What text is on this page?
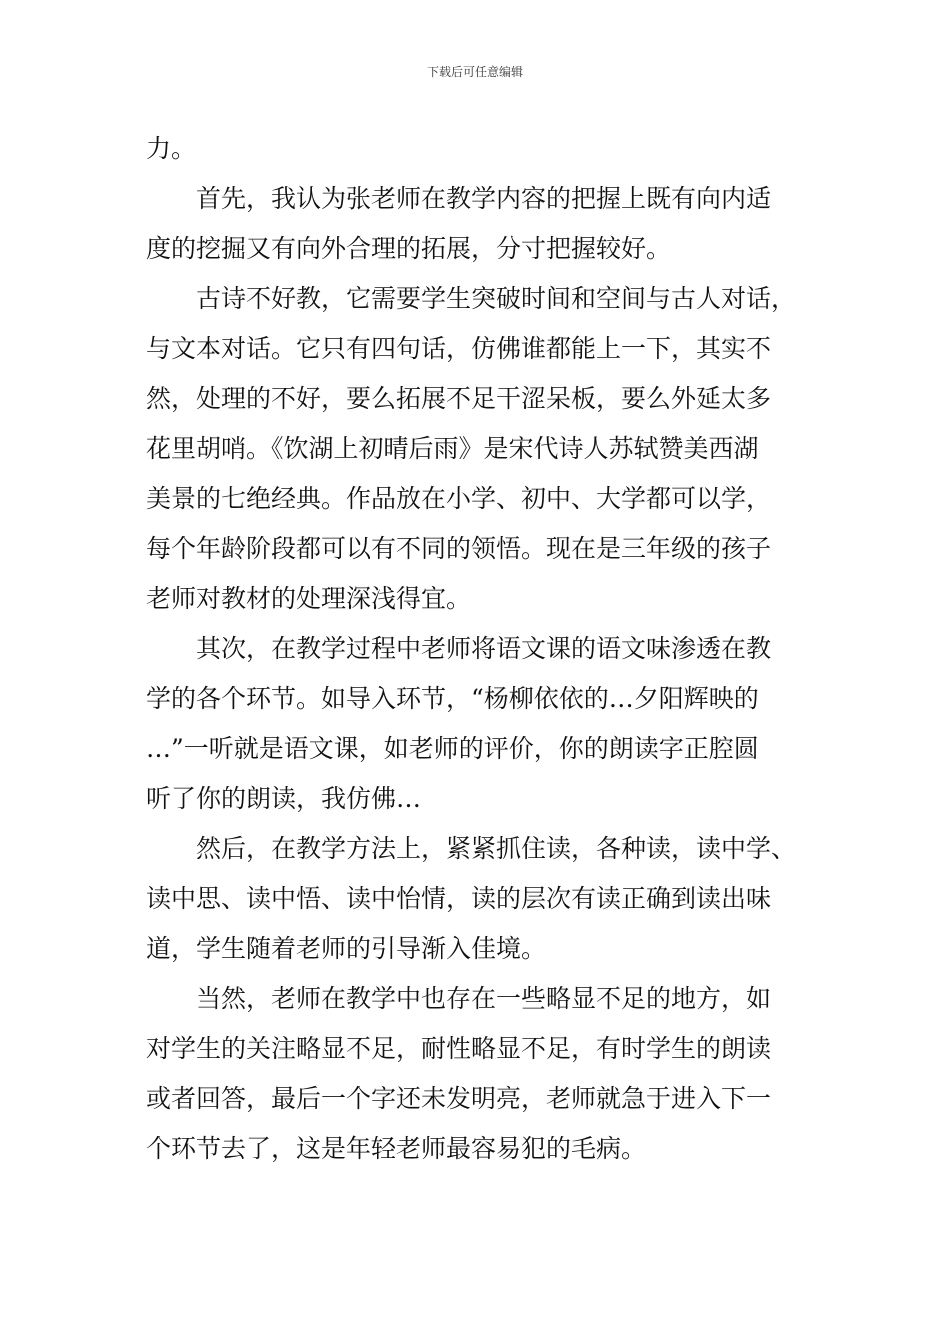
下载后可任意编辑
力。
首先，我认为张老师在教学内容的把握上既有向内适
度的挖掘又有向外合理的拓展，分寸把握较好。
古诗不好教，它需要学生突破时间和空间与古人对话，
与文本对话。它只有四句话，仿佛谁都能上一下，其实不
然，处理的不好，要么拓展不足干涩呆板，要么外延太多
花里胡哨。《饮湖上初晴后雨》是宋代诗人苏轼赞美西湖
美景的七绝经典。作品放在小学、初中、大学都可以学，
每个年龄阶段都可以有不同的领悟。现在是三年级的孩子
老师对教材的处理深浅得宜。
其次，在教学过程中老师将语文课的语文味渗透在教
学的各个环节。如导入环节，“杨柳依依的…夕阳辉映的
…”一听就是语文课，如老师的评价，你的朗读字正腔圆
听了你的朗读，我仿佛…
然后，在教学方法上，紧紧抓住读，各种读，读中学、
读中思、读中悟、读中怡情，读的层次有读正确到读出味
道，学生随着老师的引导渐入佳境。
当然，老师在教学中也存在一些略显不足的地方，如
对学生的关注略显不足，耐性略显不足，有时学生的朗读
或者回答，最后一个字还未发明亮，老师就急于进入下一
个环节去了，这是年轻老师最容易犯的毛病。
